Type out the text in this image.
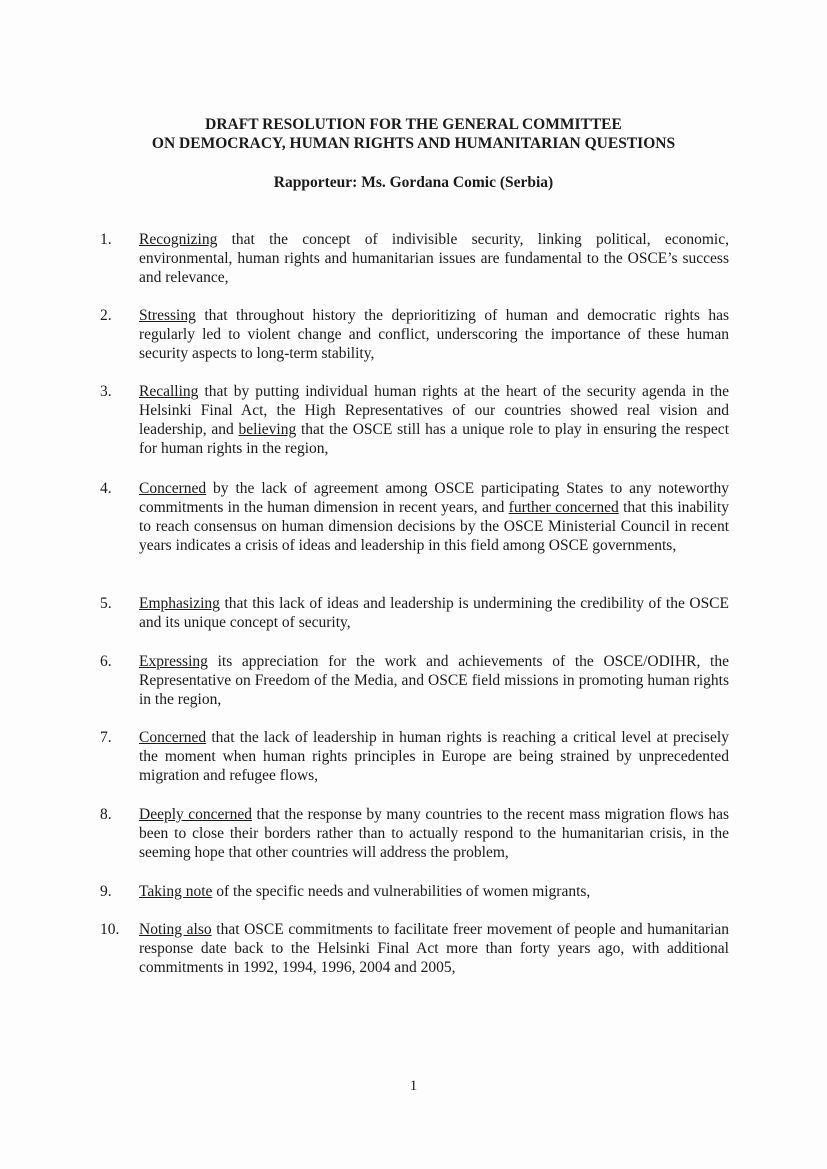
DRAFT RESOLUTION FOR THE GENERAL COMMITTEE
ON DEMOCRACY, HUMAN RIGHTS AND HUMANITARIAN QUESTIONS
Rapporteur: Ms. Gordana Comic (Serbia)
1.	Recognizing that the concept of indivisible security, linking political, economic, environmental, human rights and humanitarian issues are fundamental to the OSCE’s success and relevance,
2.	Stressing that throughout history the deprioritizing of human and democratic rights has regularly led to violent change and conflict, underscoring the importance of these human security aspects to long-term stability,
3.	Recalling that by putting individual human rights at the heart of the security agenda in the Helsinki Final Act, the High Representatives of our countries showed real vision and leadership, and believing that the OSCE still has a unique role to play in ensuring the respect for human rights in the region,
4.	Concerned by the lack of agreement among OSCE participating States to any noteworthy commitments in the human dimension in recent years, and further concerned that this inability to reach consensus on human dimension decisions by the OSCE Ministerial Council in recent years indicates a crisis of ideas and leadership in this field among OSCE governments,
5.	Emphasizing that this lack of ideas and leadership is undermining the credibility of the OSCE and its unique concept of security,
6.	Expressing its appreciation for the work and achievements of the OSCE/ODIHR, the Representative on Freedom of the Media, and OSCE field missions in promoting human rights in the region,
7.	Concerned that the lack of leadership in human rights is reaching a critical level at precisely the moment when human rights principles in Europe are being strained by unprecedented migration and refugee flows,
8.	Deeply concerned that the response by many countries to the recent mass migration flows has been to close their borders rather than to actually respond to the humanitarian crisis, in the seeming hope that other countries will address the problem,
9.	Taking note of the specific needs and vulnerabilities of women migrants,
10.	Noting also that OSCE commitments to facilitate freer movement of people and humanitarian response date back to the Helsinki Final Act more than forty years ago, with additional commitments in 1992, 1994, 1996, 2004 and 2005,
1
